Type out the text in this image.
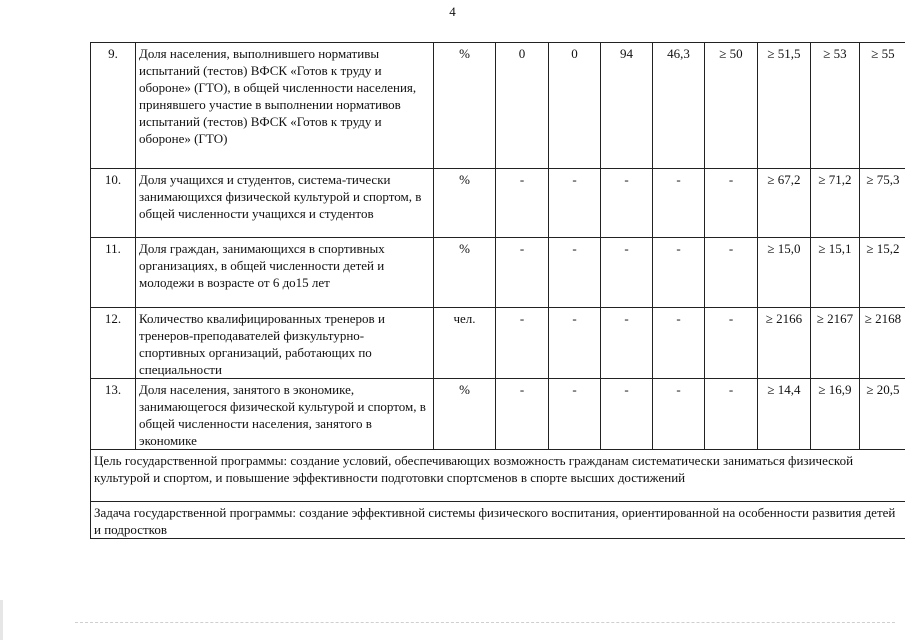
4
9.	Доля населения, выполнившего нормативы испытаний (тестов) ВФСК «Готов к труду и обороне» (ГТО), в общей численности населения, принявшего участие в выполнении нормативов испытаний (тестов) ВФСК «Готов к труду и обороне» (ГТО)	%	0	0	94	46,3	≥ 50	≥ 51,5	≥ 53	≥ 55
10.	Доля учащихся и студентов, система-тически занимающихся физической культурой и спортом, в общей численности учащихся и студентов	%	-	-	-	-	-	≥ 67,2	≥ 71,2	≥ 75,3
11.	Доля граждан, занимающихся в спортивных организациях, в общей численности детей и молодежи в возрасте от 6 до15 лет	%	-	-	-	-	-	≥ 15,0	≥ 15,1	≥ 15,2
12.	Количество квалифицированных тренеров и тренеров-преподавателей физкультурно-спортивных организаций, работающих по специальности	чел.	-	-	-	-	-	≥ 2166	≥ 2167	≥ 2168
13.	Доля населения, занятого в экономике, занимающегося физической культурой и спортом, в общей численности населения, занятого в экономике	%	-	-	-	-	-	≥ 14,4	≥ 16,9	≥ 20,5
Цель государственной программы: создание условий, обеспечивающих возможность гражданам систематически заниматься физической культурой и спортом, и повышение эффективности подготовки спортсменов в спорте высших достижений										
Задача государственной программы: создание эффективной системы физического воспитания, ориентированной на особенности развития детей и подростков										
